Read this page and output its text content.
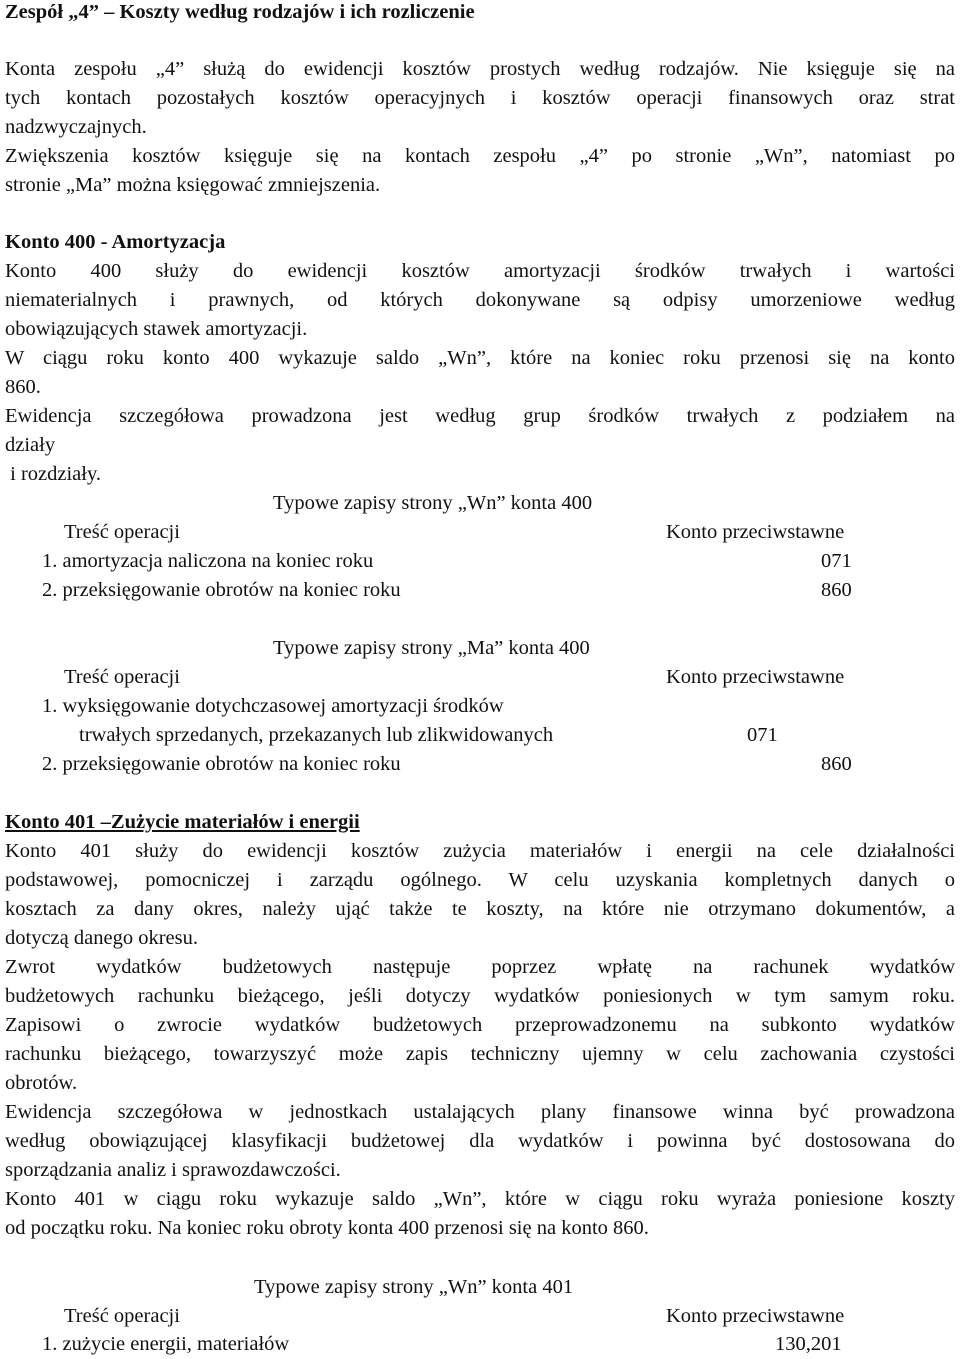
Zespół „4” – Koszty według rodzajów i ich rozliczenie
Konta zespołu „4” służą do ewidencji kosztów prostych według rodzajów. Nie księguje się na
tych kontach pozostałych kosztów operacyjnych i kosztów operacji finansowych oraz strat
nadzwyczajnych.
Zwiększenia kosztów księguje się na kontach zespołu „4” po stronie „Wn”, natomiast po
stronie „Ma” można księgować zmniejszenia.
Konto 400 - Amortyzacja
Konto 400 służy do ewidencji kosztów amortyzacji środków trwałych i wartości
niematerialnych i prawnych, od których dokonywane są odpisy umorzeniowe według
obowiązujących stawek amortyzacji.
W ciągu roku konto 400 wykazuje saldo „Wn”, które na koniec roku przenosi się na konto
860.
Ewidencja szczegółowa prowadzona jest według grup środków trwałych z podziałem na
działy
i rozdziały.
Typowe zapisy strony „Wn” konta 400
Treść operacji	Konto przeciwstawne
1. amortyzacja naliczona na koniec roku	071
2. przeksięgowanie obrotów na koniec roku	860
Typowe zapisy strony „Ma” konta 400
Treść operacji	Konto przeciwstawne
1. wyksięgowanie dotychczasowej amortyzacji środków
trwałych sprzedanych, przekazanych lub zlikwidowanych	071
2. przeksięgowanie obrotów na koniec roku	860
Konto 401 –Zużycie materiałów i energii
Konto 401 służy do ewidencji kosztów zużycia materiałów i energii na cele działalności
podstawowej, pomocniczej i zarządu ogólnego. W celu uzyskania kompletnych danych o
kosztach za dany okres, należy ująć także te koszty, na które nie otrzymano dokumentów, a
dotyczą danego okresu.
Zwrot wydatków budżetowych następuje poprzez wpłatę na rachunek wydatków
budżetowych rachunku bieżącego, jeśli dotyczy wydatków poniesionych w tym samym roku.
Zapisowi o zwrocie wydatków budżetowych przeprowadzonemu na subkonto wydatków
rachunku bieżącego, towarzyszyć może zapis techniczny ujemny w celu zachowania czystości
obrotów.
Ewidencja szczegółowa w jednostkach ustalających plany finansowe winna być prowadzona
według obowiązującej klasyfikacji budżetowej dla wydatków i powinna być dostosowana do
sporządzania analiz i sprawozdawczości.
Konto 401 w ciągu roku wykazuje saldo „Wn”, które w ciągu roku wyraża poniesione koszty
od początku roku. Na koniec roku obroty konta 400 przenosi się na konto 860.
Typowe zapisy strony „Wn” konta 401
Treść operacji	Konto przeciwstawne
1. zużycie energii, materiałów	130,201
